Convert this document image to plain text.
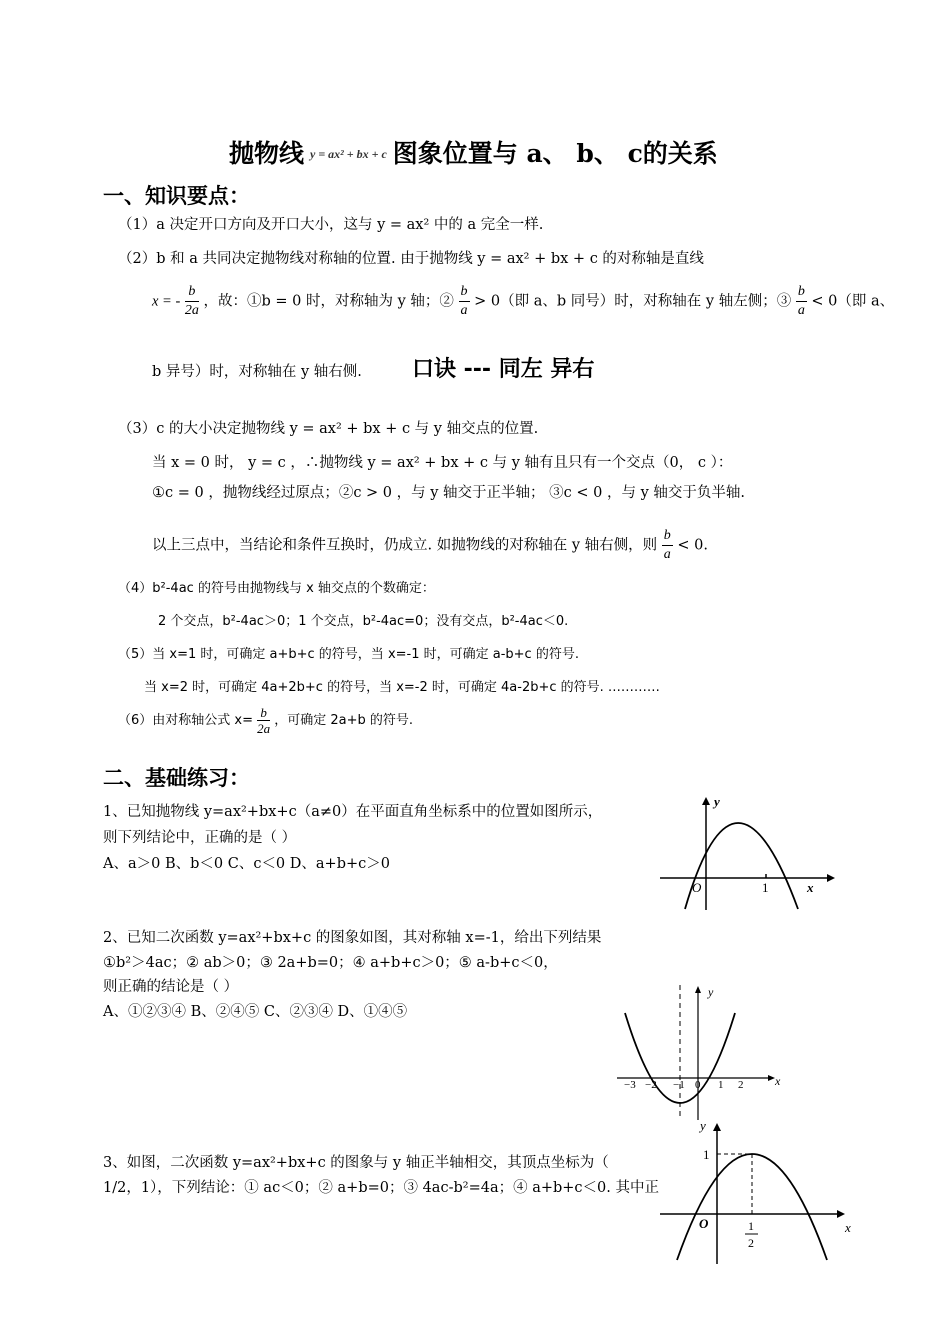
抛物线 y = ax² + bx + c 图象位置与 a、 b、 c的关系
一、知识要点：
（1）a 决定开口方向及开口大小，这与 y = ax² 中的 a 完全一样.
（2）b 和 a 共同决定抛物线对称轴的位置. 由于抛物线 y = ax² + bx + c 的对称轴是直线
x = - $\frac{b}{2a}$ ，故：①b = 0 时，对称轴为 y 轴；② $\frac{b}{a} > 0$（即 a、b 同号）时，对称轴在 y 轴左侧；③ $\frac{b}{a} < 0$（即 a、
b 异号）时，对称轴在 y 轴右侧. 口诀 --- 同左 异右
（3）c 的大小决定抛物线 y = ax² + bx + c 与 y 轴交点的位置.
当 x = 0 时， y = c ，∴抛物线 y = ax² + bx + c 与 y 轴有且只有一个交点（0， c ）：
①c = 0 ，抛物线经过原点；②c > 0 ，与 y 轴交于正半轴； ③c < 0 ，与 y 轴交于负半轴.
以上三点中，当结论和条件互换时，仍成立. 如抛物线的对称轴在 y 轴右侧，则 $\frac{b}{a} < 0$.
（4）b²-4ac 的符号由抛物线与 x 轴交点的个数确定：
2 个交点，b²-4ac＞0；1 个交点，b²-4ac=0；没有交点，b²-4ac＜0.
（5）当 x=1 时，可确定 a+b+c 的符号，当 x=-1 时，可确定 a-b+c 的符号.
当 x=2 时，可确定 4a+2b+c 的符号，当 x=-2 时，可确定 4a-2b+c 的符号. …………
（6）由对称轴公式 $x= \frac{b}{2a}$ ，可确定 2a+b 的符号.
二、基础练习：
1、已知抛物线 y=ax²+bx+c（a≠0）在平面直角坐标系中的位置如图所示，
则下列结论中，正确的是（ ）
A、a＞0 B、b＜0 C、c＜0 D、a+b+c＞0
2、已知二次函数 y=ax²+bx+c 的图象如图，其对称轴 x=-1，给出下列结果
①b²＞4ac；② ab＞0；③ 2a+b=0；④ a+b+c＞0；⑤ a-b+c＜0，
则正确的结论是（ ）
A、①②③④ B、②④⑤ C、②③④ D、①④⑤
3、如图，二次函数 y=ax²+bx+c 的图象与 y 轴正半轴相交，其顶点坐标为（
1/2，1），下列结论：① ac＜0；② a+b=0；③ 4ac-b²=4a；④ a+b+c＜0. 其中正
y
x
O	1
y
x
−3 −2 −1 0 1 2
y
x
1
O	1
2
